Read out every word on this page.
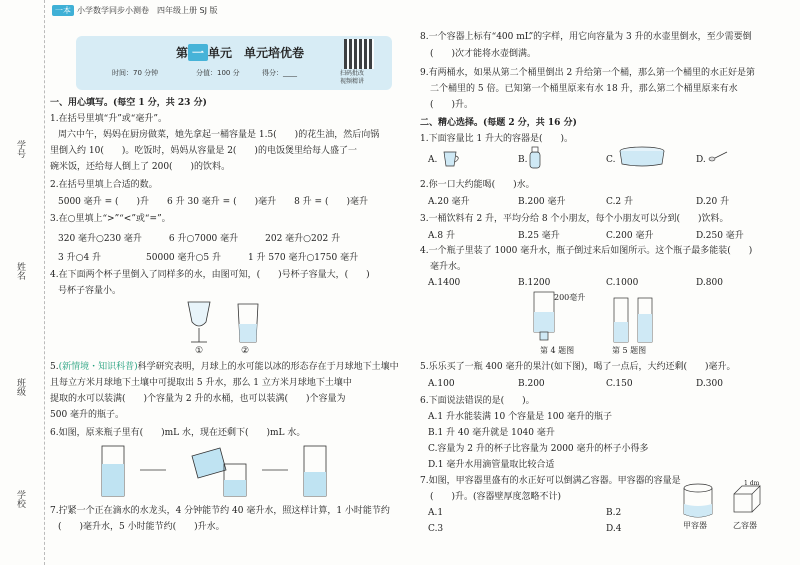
学号
姓名
班级
学校
一本 小学数学同步小测卷　四年级上册 SJ 版
第 一 单元　单元培优卷
时间：70 分钟	分值：100 分	得分：____	扫码批改
视频精讲
一、用心填写。(每空 1 分，共 23 分)
1.在括号里填“升”或“毫升”。
周六中午，妈妈在厨房做菜，她先拿起一桶容量是 1.5(　　)的花生油，然后向锅
里倒入约 10(　　)。吃饭时，妈妈从容量是 2(　　)的电饭煲里给每人盛了一
碗米饭，还给每人倒上了 200(　　)的饮料。
2.在括号里填上合适的数。
5000 毫升 = (　　)升　　6 升 30 毫升 = (　　)毫升　　8 升 = (　　)毫升
3.在○里填上“>”“<”或“=”。
320 毫升○230 毫升　　　6 升○7000 毫升　　　202 毫升○202 升
3 升○4 升　　　　　50000 毫升○5 升　　　1 升 570 毫升○1750 毫升
4.在下面两个杯子里倒入了同样多的水，由图可知，(　　)号杯子容量大，(　　)
号杯子容量小。
①	②
5.(新情境・知识科普)科学研究表明，月球上的水可能以冰的形态存在于月球地下土壤中
且每立方米月球地下土壤中可提取出 5 升水，那么 1 立方米月球地下土壤中
提取的水可以装满(　　)个容量为 2 升的水桶，也可以装满(　　)个容量为
500 毫升的瓶子。
6.如图，原来瓶子里有(　　)mL 水，现在还剩下(　　)mL 水。
7.拧紧一个正在滴水的水龙头，4 分钟能节约 40 毫升水，照这样计算，1 小时能节约
(　　)毫升水，5 小时能节约(　　)升水。
8.一个容器上标有“400 mL”的字样，用它向容量为 3 升的水壶里倒水，至少需要倒
(　　)次才能将水壶倒满。
9.有两桶水，如果从第二个桶里倒出 2 升给第一个桶，那么第一个桶里的水正好是第
二个桶里的 5 倍。已知第一个桶里原来有水 18 升，那么第二个桶里原来有水
(　　)升。
二、精心选择。(每题 2 分，共 16 分)
1.下面容量比 1 升大的容器是(　　)。
A.	B.	C.	D.
2.你一口大约能喝(　　)水。
A.20 毫升	B.200 毫升	C.2 升	D.20 升
3.一桶饮料有 2 升，平均分给 8 个小朋友，每个小朋友可以分到(　　)饮料。
A.8 升	B.25 毫升	C.200 毫升	D.250 毫升
4.一个瓶子里装了 1000 毫升水，瓶子倒过来后如图所示。这个瓶子最多能装(　　)
毫升水。
A.1400	B.1200	C.1000	D.800
200毫升
第 4 题图	第 5 题图
5.乐乐买了一瓶 400 毫升的果汁(如下图)，喝了一点后，大约还剩(　　)毫升。
A.100	B.200	C.150	D.300
6.下面说法错误的是(　　)。
A.1 升水能装满 10 个容量是 100 毫升的瓶子
B.1 升 40 毫升就是 1040 毫升
C.容量为 2 升的杯子比容量为 2000 毫升的杯子小得多
D.1 毫升水用滴管量取比较合适
7.如图，甲容器里盛有的水正好可以倒满乙容器。甲容器的容量是
(　　)升。(容器壁厚度忽略不计)
A.1	B.2
C.3	D.4
1 dm
甲容器	乙容器
